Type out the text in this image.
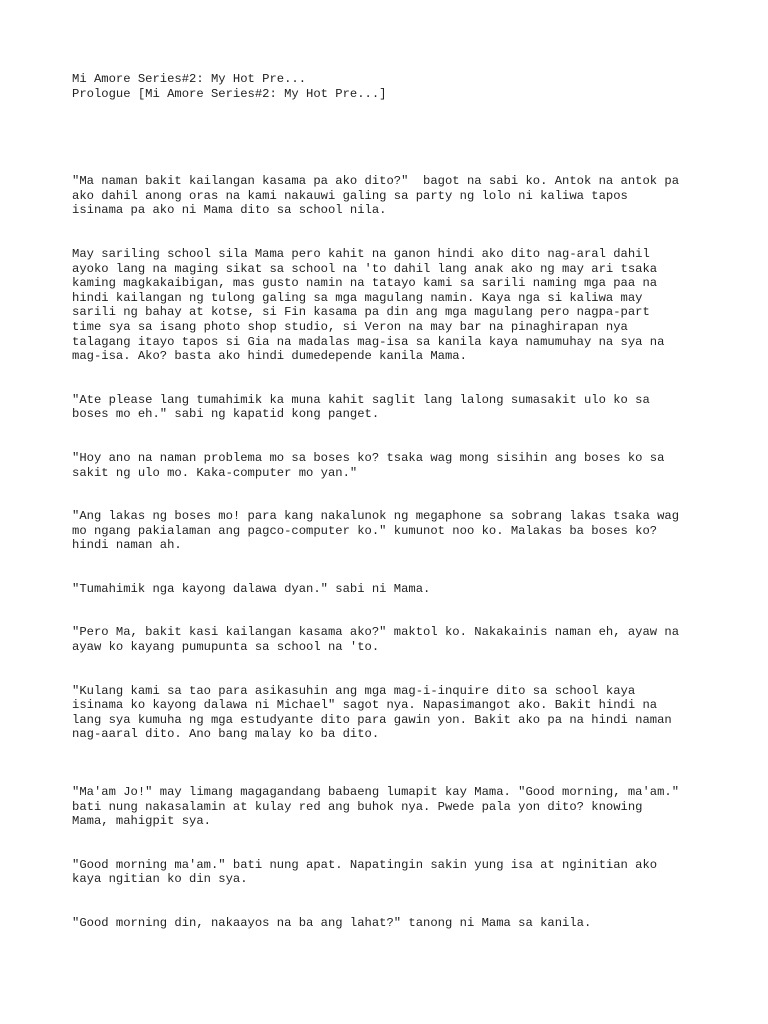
Mi Amore Series#2: My Hot Pre...
Prologue [Mi Amore Series#2: My Hot Pre...]
"Ma naman bakit kailangan kasama pa ako dito?"  bagot na sabi ko. Antok na antok pa
ako dahil anong oras na kami nakauwi galing sa party ng lolo ni kaliwa tapos
isinama pa ako ni Mama dito sa school nila.
May sariling school sila Mama pero kahit na ganon hindi ako dito nag-aral dahil
ayoko lang na maging sikat sa school na 'to dahil lang anak ako ng may ari tsaka
kaming magkakaibigan, mas gusto namin na tatayo kami sa sarili naming mga paa na
hindi kailangan ng tulong galing sa mga magulang namin. Kaya nga si kaliwa may
sarili ng bahay at kotse, si Fin kasama pa din ang mga magulang pero nagpa-part
time sya sa isang photo shop studio, si Veron na may bar na pinaghirapan nya
talagang itayo tapos si Gia na madalas mag-isa sa kanila kaya namumuhay na sya na
mag-isa. Ako? basta ako hindi dumedepende kanila Mama.
"Ate please lang tumahimik ka muna kahit saglit lang lalong sumasakit ulo ko sa
boses mo eh." sabi ng kapatid kong panget.
"Hoy ano na naman problema mo sa boses ko? tsaka wag mong sisihin ang boses ko sa
sakit ng ulo mo. Kaka-computer mo yan."
"Ang lakas ng boses mo! para kang nakalunok ng megaphone sa sobrang lakas tsaka wag
mo ngang pakialaman ang pagco-computer ko." kumunot noo ko. Malakas ba boses ko?
hindi naman ah.
"Tumahimik nga kayong dalawa dyan." sabi ni Mama.
"Pero Ma, bakit kasi kailangan kasama ako?" maktol ko. Nakakainis naman eh, ayaw na
ayaw ko kayang pumupunta sa school na 'to.
"Kulang kami sa tao para asikasuhin ang mga mag-i-inquire dito sa school kaya
isinama ko kayong dalawa ni Michael" sagot nya. Napasimangot ako. Bakit hindi na
lang sya kumuha ng mga estudyante dito para gawin yon. Bakit ako pa na hindi naman
nag-aaral dito. Ano bang malay ko ba dito.
"Ma'am Jo!" may limang magagandang babaeng lumapit kay Mama. "Good morning, ma'am."
bati nung nakasalamin at kulay red ang buhok nya. Pwede pala yon dito? knowing
Mama, mahigpit sya.
"Good morning ma'am." bati nung apat. Napatingin sakin yung isa at nginitian ako
kaya ngitian ko din sya.
"Good morning din, nakaayos na ba ang lahat?" tanong ni Mama sa kanila.
